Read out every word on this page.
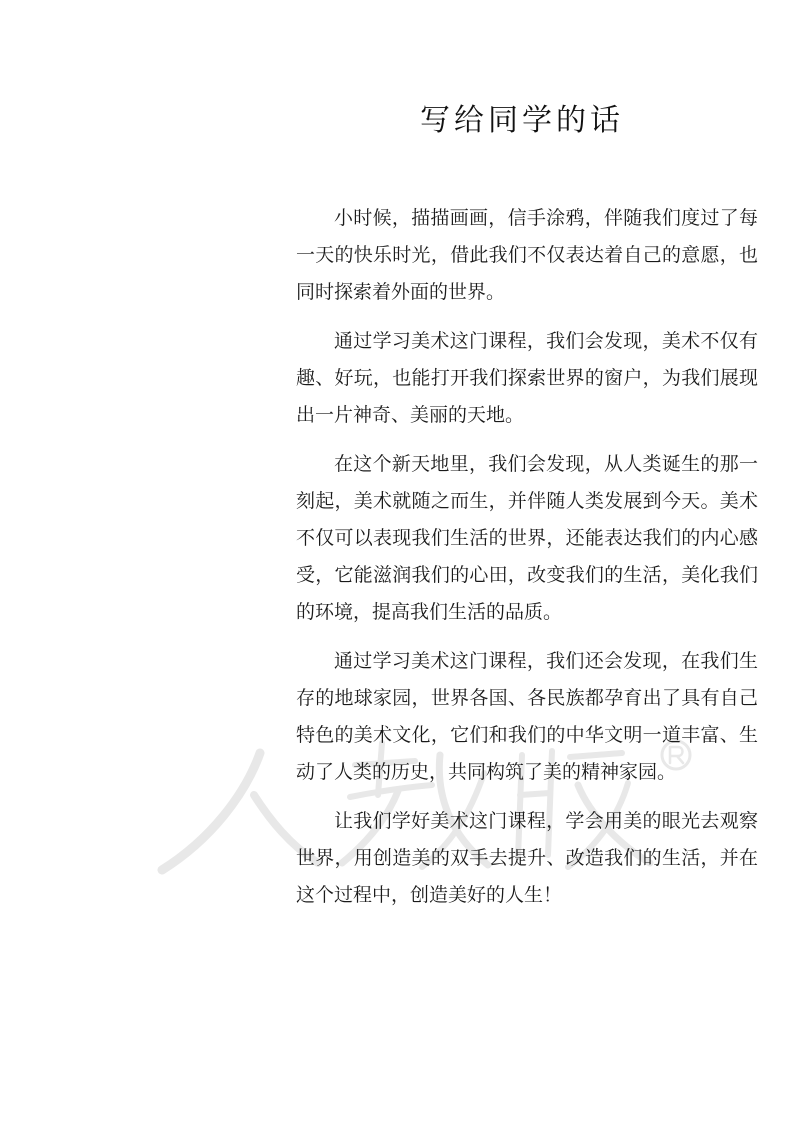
写给同学的话

小时候，描描画画，信手涂鸦，伴随我们度过了每一天的快乐时光，借此我们不仅表达着自己的意愿，也同时探索着外面的世界。

通过学习美术这门课程，我们会发现，美术不仅有趣、好玩，也能打开我们探索世界的窗户，为我们展现出一片神奇、美丽的天地。

在这个新天地里，我们会发现，从人类诞生的那一刻起，美术就随之而生，并伴随人类发展到今天。美术不仅可以表现我们生活的世界，还能表达我们的内心感受，它能滋润我们的心田，改变我们的生活，美化我们的环境，提高我们生活的品质。

通过学习美术这门课程，我们还会发现，在我们生存的地球家园，世界各国、各民族都孕育出了具有自己特色的美术文化，它们和我们的中华文明一道丰富、生动了人类的历史，共同构筑了美的精神家园。

让我们学好美术这门课程，学会用美的眼光去观察世界，用创造美的双手去提升、改造我们的生活，并在这个过程中，创造美好的人生！
